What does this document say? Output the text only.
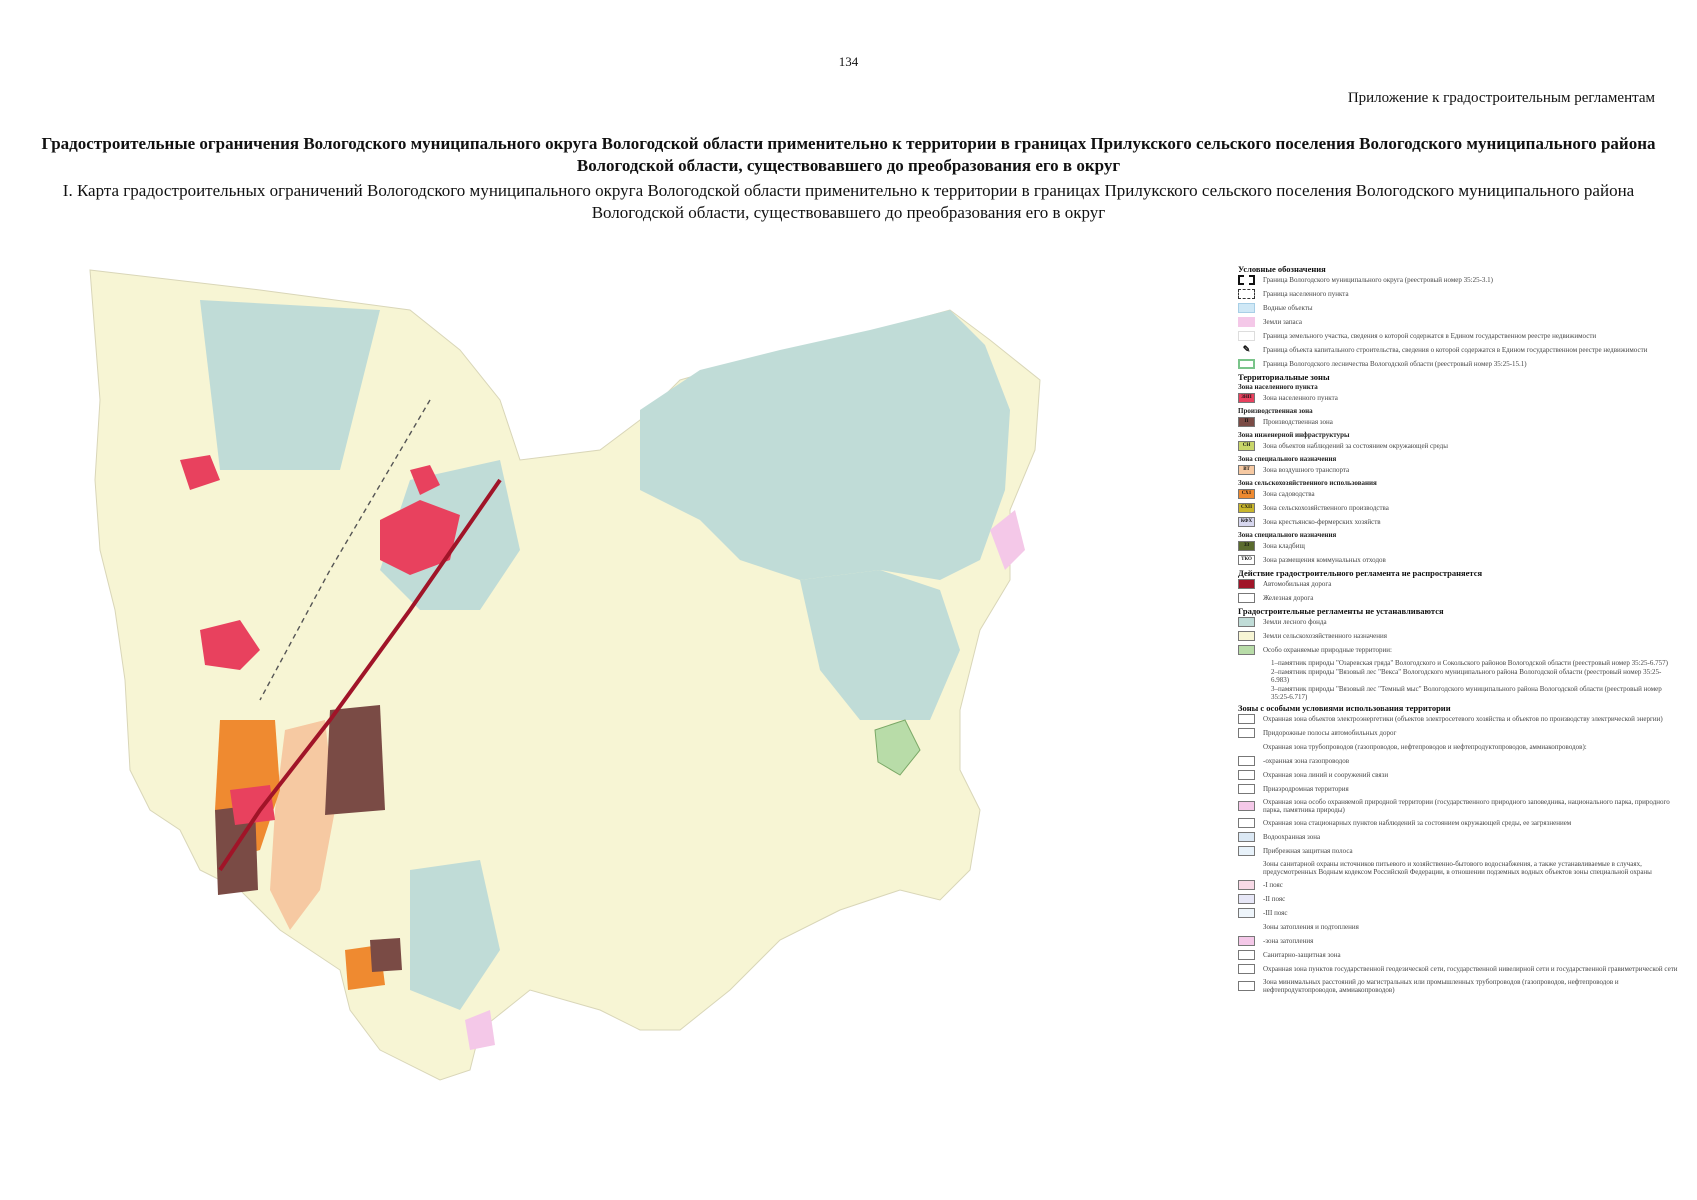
134
Приложение к градостроительным регламентам
Градостроительные ограничения Вологодского муниципального округа Вологодской области применительно к территории в границах Прилукского сельского поселения Вологодского муниципального района Вологодской области, существовавшего до преобразования его в округ
I. Карта градостроительных ограничений Вологодского муниципального округа Вологодской области применительно к территории в границах Прилукского сельского поселения Вологодского муниципального района Вологодской области, существовавшего до преобразования его в округ
Условные обозначения
Граница Вологодского муниципального округа (реестровый номер 35:25-3.1)
Граница населенного пункта
Водные объекты
Земли запаса
Граница земельного участка, сведения о которой содержатся в Едином государственном реестре недвижимости
✎	Граница объекта капитального строительства, сведения о которой содержатся в Едином государственном реестре недвижимости
Граница Вологодского лесничества Вологодской области (реестровый номер 35:25-15.1)
Территориальные зоны
Зона населенного пункта
ЗНП	Зона населенного пункта
Производственная зона
П	Производственная зона
Зона инженерной инфраструктуры
СН	Зона объектов наблюдений за состоянием окружающей среды
Зона специального назначения
ВТ	Зона воздушного транспорта
Зона сельскохозяйственного использования
СХ1	Зона садоводства
СХП	Зона сельскохозяйственного производства
КФХ	Зона крестьянско-фермерских хозяйств
Зона специального назначения
ЗЗ	Зона кладбищ
ТКО	Зона размещения коммунальных отходов
Действие градостроительного регламента не распространяется
Автомобильная дорога
Железная дорога
Градостроительные регламенты не устанавливаются
Земли лесного фонда
Земли сельскохозяйственного назначения
Особо охраняемые природные территории:
1–памятник природы "Озаревская гряда" Вологодского и Сокольского районов Вологодской области (реестровый номер 35:25-6.757)
2–памятник природы "Вязовый лес "Векса" Вологодского муниципального района Вологодской области (реестровый номер 35:25-6.983)
3–памятник природы "Вязовый лес "Темный мыс" Вологодского муниципального района Вологодской области (реестровый номер 35:25-6.717)
Зоны с особыми условиями использования территории
Охранная зона объектов электроэнергетики (объектов электросетевого хозяйства и объектов по производству электрической энергии)
Придорожные полосы автомобильных дорог
Охранная зона трубопроводов (газопроводов, нефтепроводов и нефтепродуктопроводов, аммиакопроводов):
-охранная зона газопроводов
Охранная зона линий и сооружений связи
Приаэродромная территория
Охранная зона особо охраняемой природной территории (государственного природного заповедника, национального парка, природного парка, памятника природы)
Охранная зона стационарных пунктов наблюдений за состоянием окружающей среды, ее загрязнением
Водоохранная зона
Прибрежная защитная полоса
Зоны санитарной охраны источников питьевого и хозяйственно-бытового водоснабжения, а также устанавливаемые в случаях, предусмотренных Водным кодексом Российской Федерации, в отношении подземных водных объектов зоны специальной охраны
-I пояс
-II пояс
-III пояс
Зоны затопления и подтопления
-зона затопления
Санитарно-защитная зона
Охранная зона пунктов государственной геодезической сети, государственной нивелирной сети и государственной гравиметрической сети
Зона минимальных расстояний до магистральных или промышленных трубопроводов (газопроводов, нефтепроводов и нефтепродуктопроводов, аммиакопроводов)
